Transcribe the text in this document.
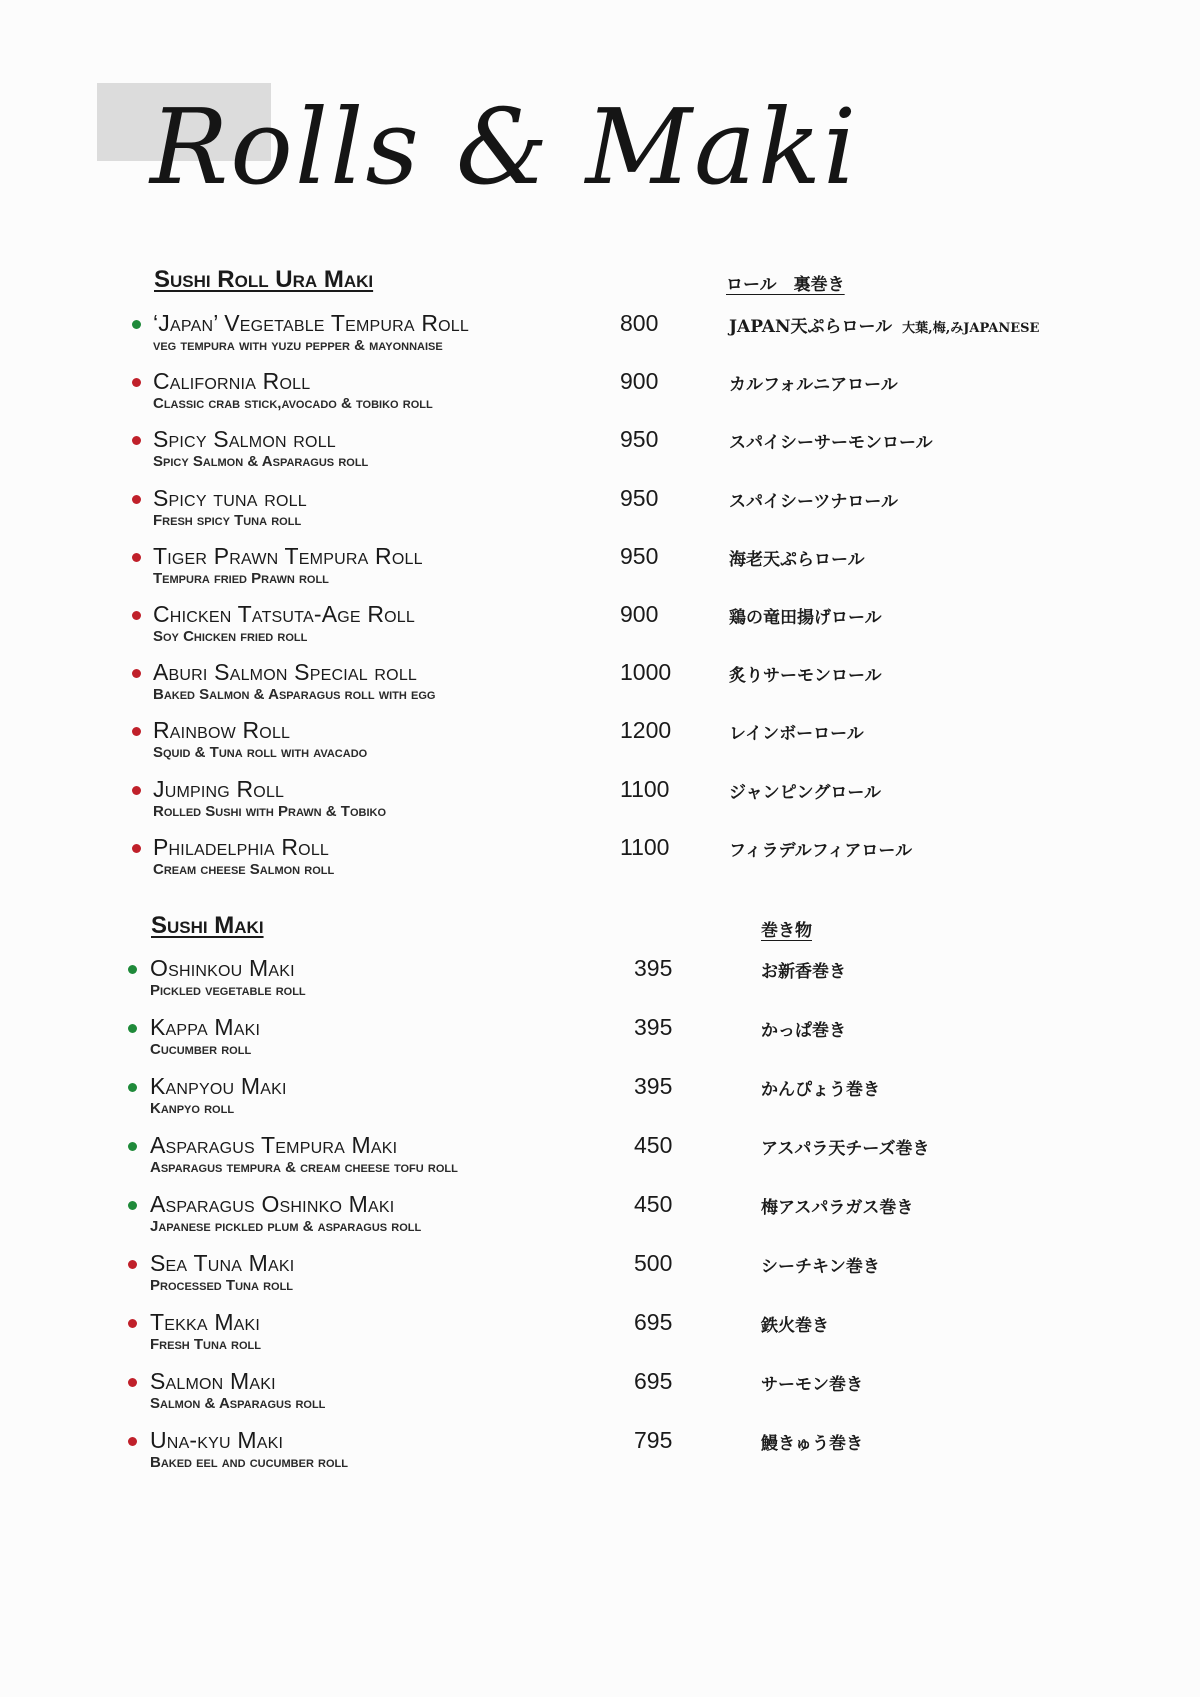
Rolls & Maki
Sushi Roll Ura Maki	ロール　裏巻き
‘Japan’ Vegetable Tempura Roll
veg tempura with yuzu pepper & mayonnaise
800	JAPAN天ぷらロール 大葉,梅,みJAPANESE
California Roll
Classic crab stick,avocado & tobiko roll
900	カルフォルニアロール
Spicy Salmon roll
Spicy Salmon & Asparagus roll
950	スパイシーサーモンロール
Spicy tuna roll
Fresh spicy Tuna roll
950	スパイシーツナロール
Tiger Prawn Tempura Roll
Tempura fried Prawn roll
950	海老天ぷらロール
Chicken Tatsuta-Age Roll
Soy Chicken fried roll
900	鶏の竜田揚げロール
Aburi Salmon Special roll
Baked Salmon & Asparagus roll with egg
1000	炙りサーモンロール
Rainbow Roll
Squid & Tuna roll with avacado
1200	レインボーロール
Jumping Roll
Rolled Sushi with Prawn & Tobiko
1100	ジャンピングロール
Philadelphia Roll
Cream cheese Salmon roll
1100	フィラデルフィアロール
Sushi Maki	巻き物
Oshinkou Maki
Pickled vegetable roll
395	お新香巻き
Kappa Maki
Cucumber roll
395	かっぱ巻き
Kanpyou Maki
Kanpyo roll
395	かんぴょう巻き
Asparagus Tempura Maki
Asparagus tempura & cream cheese tofu roll
450	アスパラ天チーズ巻き
Asparagus Oshinko Maki
Japanese pickled plum & asparagus roll
450	梅アスパラガス巻き
Sea Tuna Maki
Processed Tuna roll
500	シーチキン巻き
Tekka Maki
Fresh Tuna roll
695	鉄火巻き
Salmon Maki
Salmon & Asparagus roll
695	サーモン巻き
Una-kyu Maki
Baked eel and cucumber roll
795	鰻きゅう巻き
